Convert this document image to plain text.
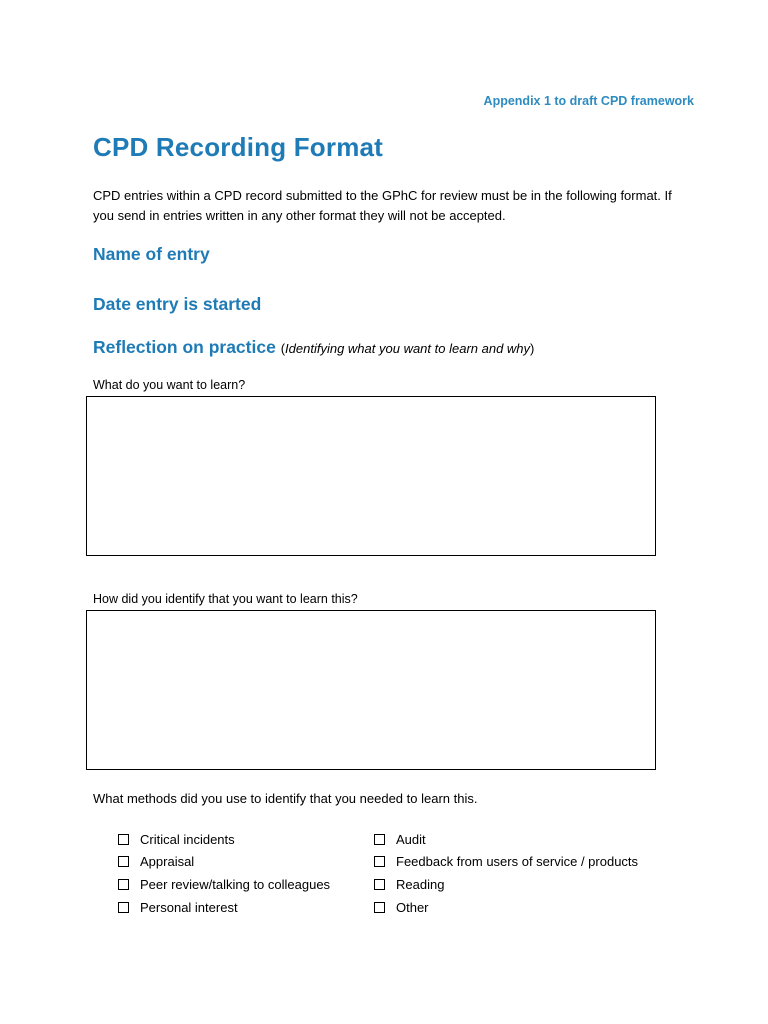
Appendix 1 to draft CPD framework
CPD Recording Format
CPD entries within a CPD record submitted to the GPhC for review must be in the following format. If you send in entries written in any other format they will not be accepted.
Name of entry
Date entry is started
Reflection on practice (Identifying what you want to learn and why)
What do you want to learn?
How did you identify that you want to learn this?
What methods did you use to identify that you needed to learn this.
Critical incidents
Appraisal
Peer review/talking to colleagues
Personal interest
Audit
Feedback from users of service / products
Reading
Other
